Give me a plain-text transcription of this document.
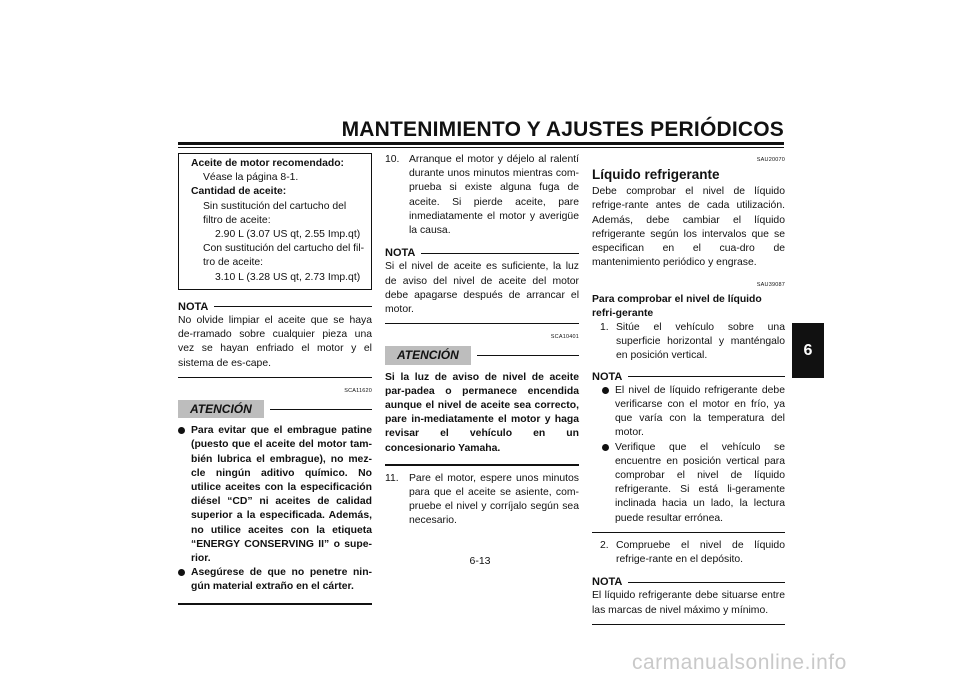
MANTENIMIENTO Y AJUSTES PERIÓDICOS
Aceite de motor recomendado:
Véase la página 8-1.
Cantidad de aceite:
Sin sustitución del cartucho del filtro de aceite:
2.90 L (3.07 US qt, 2.55 Imp.qt)
Con sustitución del cartucho del fil-tro de aceite:
3.10 L (3.28 US qt, 2.73 Imp.qt)
NOTA
No olvide limpiar el aceite que se haya de-rramado sobre cualquier pieza una vez se hayan enfriado el motor y el sistema de es-cape.
SCA11620
ATENCIÓN
Para evitar que el embrague patine (puesto que el aceite del motor tam-bién lubrica el embrague), no mez-cle ningún aditivo químico. No utilice aceites con la especificación diésel “CD” ni aceites de calidad superior a la especificada. Además, no utilice aceites con la etiqueta “ENERGY CONSERVING II” o supe-rior.
Asegúrese de que no penetre nin-gún material extraño en el cárter.
10. Arranque el motor y déjelo al ralentí durante unos minutos mientras com-prueba si existe alguna fuga de aceite. Si pierde aceite, pare inmediatamente el motor y averigüe la causa.
NOTA
Si el nivel de aceite es suficiente, la luz de aviso del nivel de aceite del motor debe apagarse después de arrancar el motor.
SCA10401
ATENCIÓN
Si la luz de aviso de nivel de aceite par-padea o permanece encendida aunque el nivel de aceite sea correcto, pare in-mediatamente el motor y haga revisar el vehículo en un concesionario Yamaha.
11. Pare el motor, espere unos minutos para que el aceite se asiente, com-pruebe el nivel y corríjalo según sea necesario.
SAU20070
Líquido refrigerante
Debe comprobar el nivel de líquido refrige-rante antes de cada utilización. Además, debe cambiar el líquido refrigerante según los intervalos que se especifican en el cua-dro de mantenimiento periódico y engrase.
SAU39087
Para comprobar el nivel de líquido refri-gerante
1. Sitúe el vehículo sobre una superficie horizontal y manténgalo en posición vertical.
NOTA
El nivel de líquido refrigerante debe verificarse con el motor en frío, ya que varía con la temperatura del motor.
Verifique que el vehículo se encuentre en posición vertical para comprobar el nivel de líquido refrigerante. Si está li-geramente inclinada hacia un lado, la lectura puede resultar errónea.
2. Compruebe el nivel de líquido refrige-rante en el depósito.
NOTA
El líquido refrigerante debe situarse entre las marcas de nivel máximo y mínimo.
6
6-13
carmanualsonline.info
